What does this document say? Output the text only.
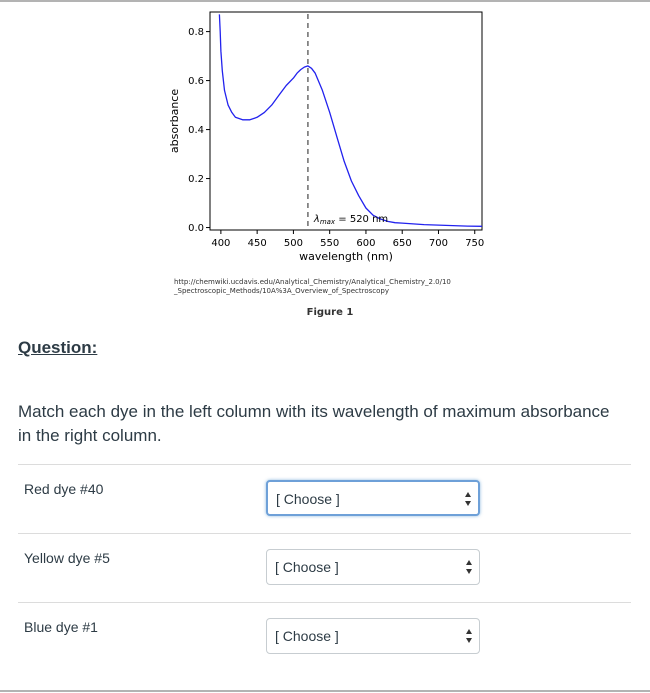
0.0
0.2
0.4
0.6
0.8
400 450 500 550 600 650 700 750
wavelength (nm)
absorbance
$\lambda_{max} = 520$ nm
http://chemwiki.ucdavis.edu/Analytical_Chemistry/Analytical_Chemistry_2.0/10
_Spectroscopic_Methods/10A%3A_Overview_of_Spectroscopy
Figure 1
Question:
Match each dye in the left column with its wavelength of maximum absorbance in the right column.
Red dye #40
[ Choose ]
Yellow dye #5
[ Choose ]
Blue dye #1
[ Choose ]
